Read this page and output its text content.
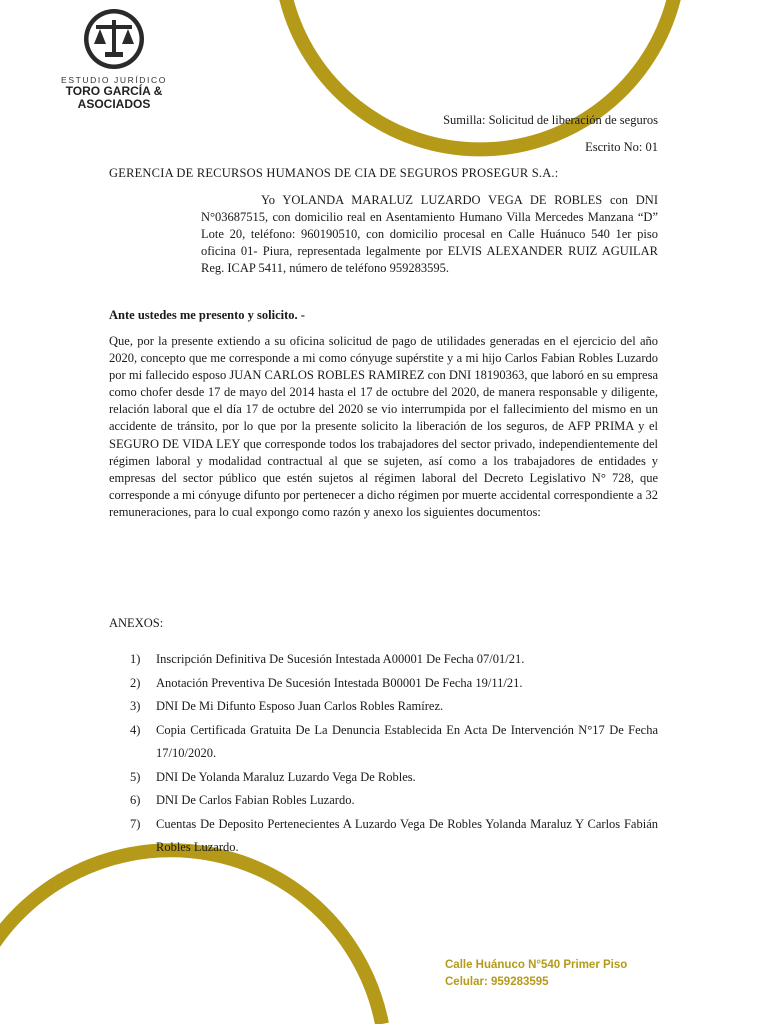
ESTUDIO JURÍDICO
TORO GARCÍA &
ASOCIADOS
Sumilla: Solicitud de liberación de seguros
Escrito No: 01
GERENCIA DE RECURSOS HUMANOS DE CIA DE SEGUROS PROSEGUR S.A.:
Yo YOLANDA MARALUZ LUZARDO VEGA DE ROBLES con DNI N°03687515, con domicilio real en Asentamiento Humano Villa Mercedes Manzana “D” Lote 20, teléfono: 960190510, con domicilio procesal en Calle Huánuco 540 1er piso oficina 01- Piura, representada legalmente por ELVIS ALEXANDER RUIZ AGUILAR Reg. ICAP 5411, número de teléfono 959283595.
Ante ustedes me presento y solicito. -
Que, por la presente extiendo a su oficina solicitud de pago de utilidades generadas en el ejercicio del año 2020, concepto que me corresponde a mi como cónyuge supérstite y a mi hijo Carlos Fabian Robles Luzardo por mi fallecido esposo JUAN CARLOS ROBLES RAMIREZ con DNI 18190363, que laboró en su empresa como chofer desde 17 de mayo del 2014 hasta el 17 de octubre del 2020, de manera responsable y diligente, relación laboral que el día 17 de octubre del 2020 se vio interrumpida por el fallecimiento del mismo en un accidente de tránsito, por lo que por la presente solicito la liberación de los seguros, de AFP PRIMA y el SEGURO DE VIDA LEY que corresponde todos los trabajadores del sector privado, independientemente del régimen laboral y modalidad contractual al que se sujeten, así como a los trabajadores de entidades y empresas del sector público que estén sujetos al régimen laboral del Decreto Legislativo N° 728, que corresponde a mi cónyuge difunto por pertenecer a dicho régimen por muerte accidental correspondiente a 32 remuneraciones, para lo cual expongo como razón y anexo los siguientes documentos:
ANEXOS:
1)	Inscripción Definitiva De Sucesión Intestada A00001 De Fecha 07/01/21.
2)	Anotación Preventiva De Sucesión Intestada B00001 De Fecha 19/11/21.
3)	DNI De Mi Difunto Esposo Juan Carlos Robles Ramírez.
4)	Copia Certificada Gratuita De La Denuncia Establecida En Acta De Intervención N°17 De Fecha 17/10/2020.
5)	DNI De Yolanda Maraluz Luzardo Vega De Robles.
6)	DNI De Carlos Fabian Robles Luzardo.
7)	Cuentas De Deposito Pertenecientes A Luzardo Vega De Robles Yolanda Maraluz Y Carlos Fabián Robles Luzardo.
Calle Huánuco N°540 Primer Piso
Celular: 959283595
